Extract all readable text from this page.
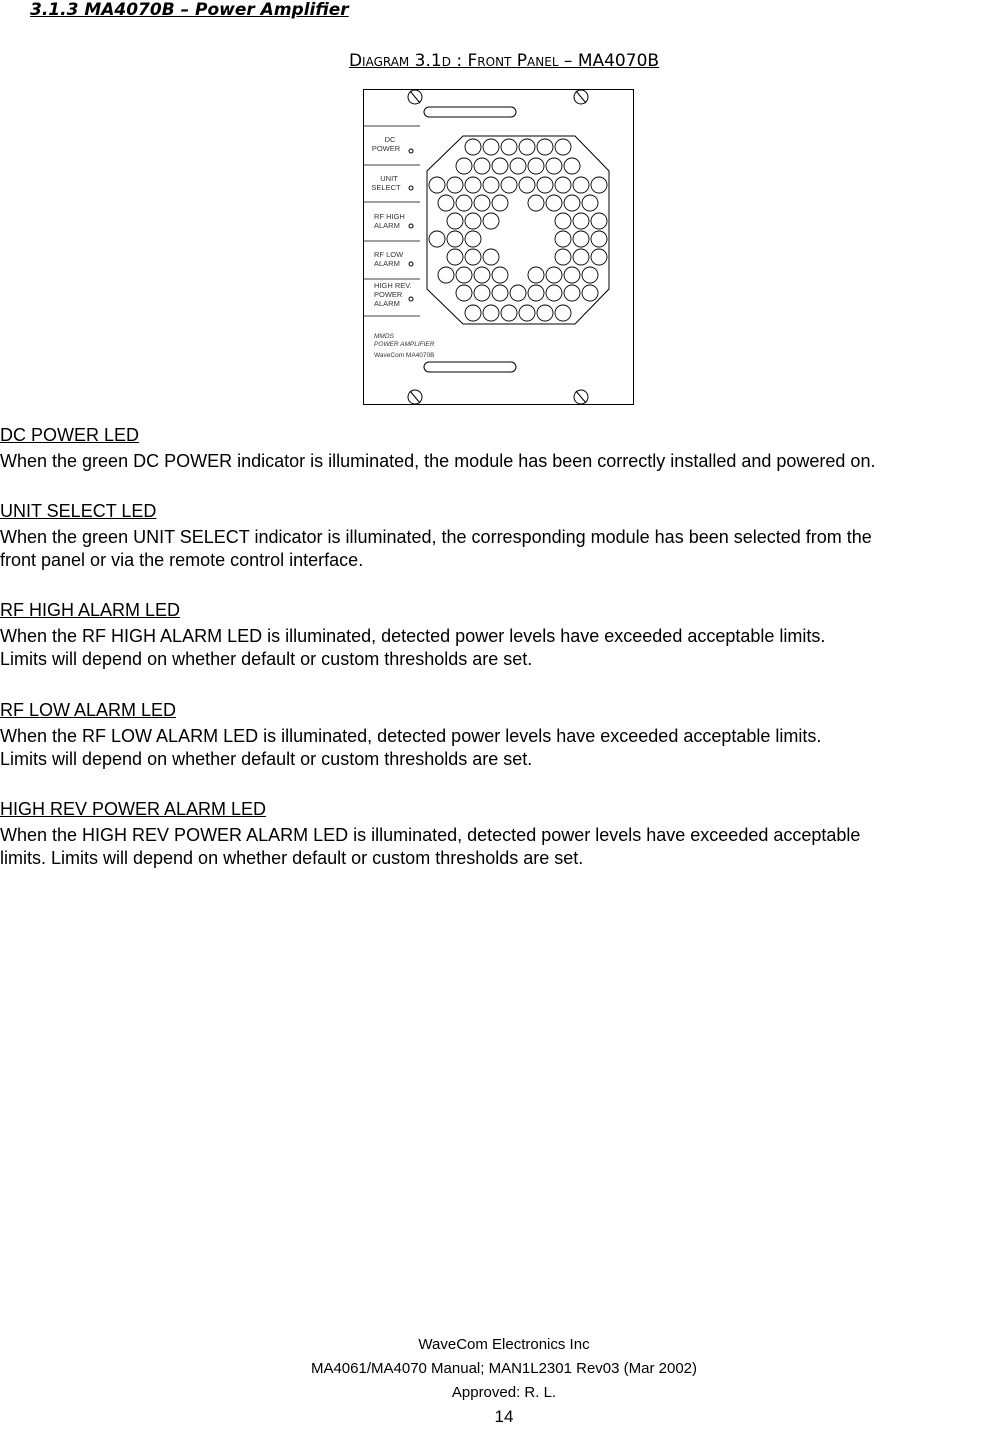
3.1.3 MA4070B – Power Amplifier

Diagram 3.1d : Front Panel – MA4070B

DC
POWER
UNIT
SELECT
RF HIGH
ALARM
RF LOW
ALARM
HIGH REV.
POWER
ALARM
MMDS
POWER AMPLIFIER
WaveCom MA4070B

DC POWER LED

When the green DC POWER indicator is illuminated, the module has been correctly installed and powered on.

UNIT SELECT LED

When the green UNIT SELECT indicator is illuminated, the corresponding module has been selected from the
front panel or via the remote control interface.

RF HIGH ALARM LED

When the RF HIGH ALARM LED is illuminated, detected power levels have exceeded acceptable limits.
Limits will depend on whether default or custom thresholds are set.

RF LOW ALARM LED

When the RF LOW ALARM LED is illuminated, detected power levels have exceeded acceptable limits.
Limits will depend on whether default or custom thresholds are set.

HIGH REV POWER ALARM LED

When the HIGH REV POWER ALARM LED is illuminated, detected power levels have exceeded acceptable
limits. Limits will depend on whether default or custom thresholds are set.

WaveCom Electronics Inc
MA4061/MA4070 Manual; MAN1L2301 Rev03 (Mar 2002)
Approved: R. L.
14
